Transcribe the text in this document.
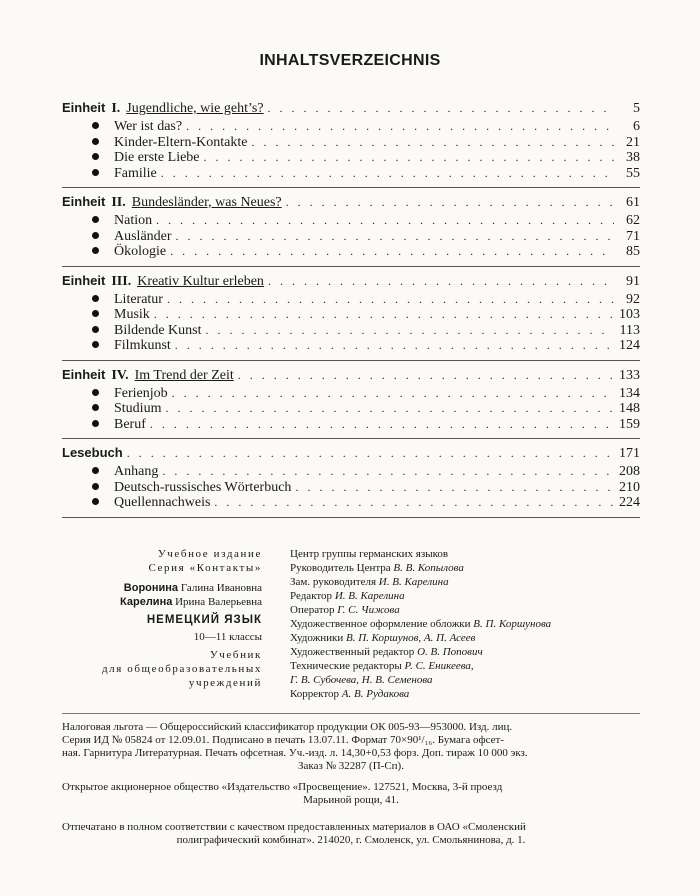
INHALTSVERZEICHNIS
Einheit I. Jugendliche, wie geht’s? . . .	5
Wer ist das? . . .	6
Kinder-Eltern-Kontakte . . .	21
Die erste Liebe . . .	38
Familie . . .	55
Einheit II. Bundesländer, was Neues? . . .	61
Nation . . .	62
Ausländer . . .	71
Ökologie . . .	85
Einheit III. Kreativ Kultur erleben . . .	91
Literatur . . .	92
Musik . . .	103
Bildende Kunst . . .	113
Filmkunst . . .	124
Einheit IV. Im Trend der Zeit . . .	133
Ferienjob . . .	134
Studium . . .	148
Beruf . . .	159
Lesebuch . . .	171
Anhang . . .	208
Deutsch-russisches Wörterbuch . . .	210
Quellennachweis . . .	224
Учебное издание
Серия «Контакты»
Воронина Галина Ивановна
Карелина Ирина Валерьевна
НЕМЕЦКИЙ ЯЗЫК
10—11 классы
Учебник
для общеобразовательных
учреждений
Центр группы германских языков
Руководитель Центра В. В. Копылова
Зам. руководителя И. В. Карелина
Редактор И. В. Карелина
Оператор Г. С. Чижова
Художественное оформление обложки В. П. Коршунова
Художники В. П. Коршунов, А. П. Асеев
Художественный редактор О. В. Попович
Технические редакторы Р. С. Еникеева,
Г. В. Субочева, Н. В. Семенова
Корректор А. В. Рудакова
Налоговая льгота — Общероссийский классификатор продукции ОК 005-93—953000. Изд. лиц.
Серия ИД № 05824 от 12.09.01. Подписано в печать 13.07.11. Формат 70×90¹/₁₆. Бумага офсет-
ная. Гарнитура Литературная. Печать офсетная. Уч.-изд. л. 14,30+0,53 форз. Доп. тираж 10 000 экз.
Заказ № 32287 (П-Сп).
Открытое акционерное общество «Издательство «Просвещение». 127521, Москва, 3-й проезд
Марьиной рощи, 41.
Отпечатано в полном соответствии с качеством предоставленных материалов в ОАО «Смоленский
полиграфический комбинат». 214020, г. Смоленск, ул. Смольянинова, д. 1.
